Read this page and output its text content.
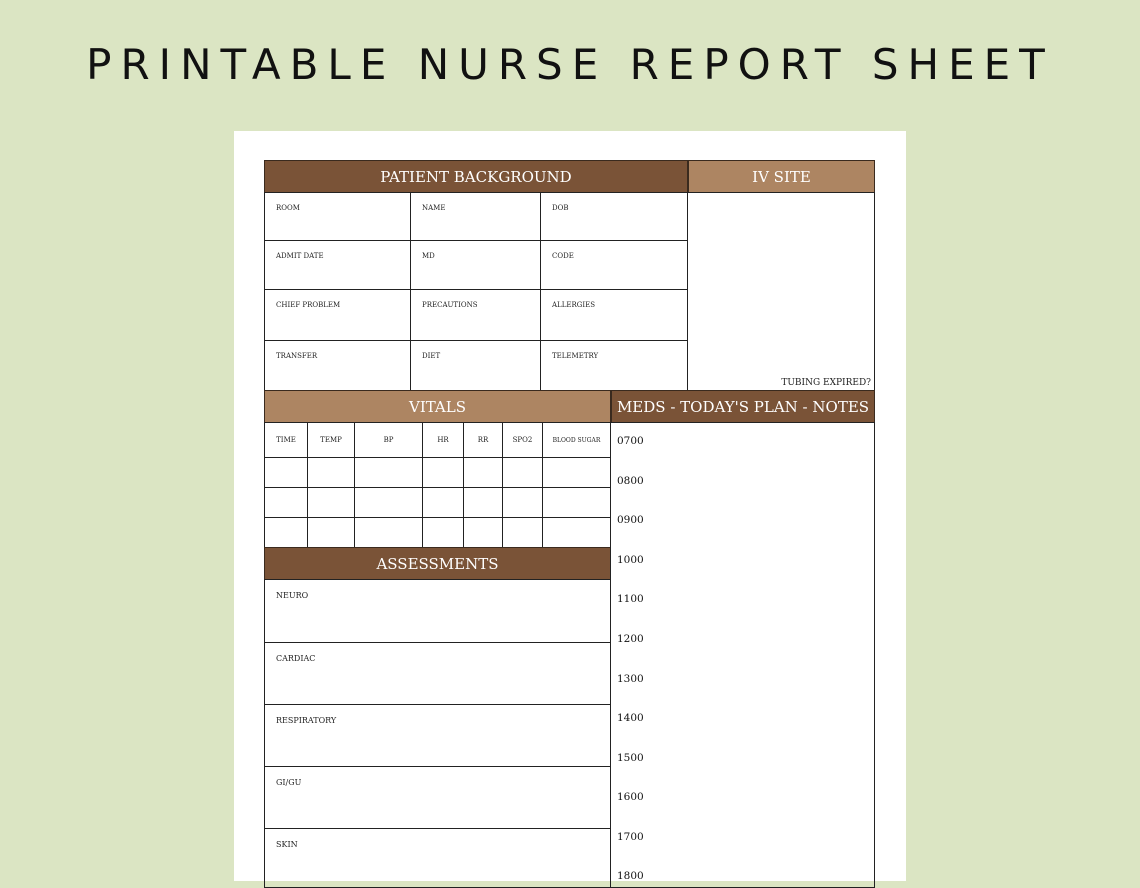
PRINTABLE NURSE REPORT SHEET
PATIENT BACKGROUND	IV SITE
ROOM	NAME	DOB
ADMIT DATE	MD	CODE
CHIEF PROBLEM	PRECAUTIONS	ALLERGIES
TRANSFER	DIET	TELEMETRY
TUBING EXPIRED?
VITALS	MEDS - TODAY'S PLAN - NOTES
TIME	TEMP	BP	HR	RR	SPO2	BLOOD SUGAR
ASSESSMENTS
NEURO
CARDIAC
RESPIRATORY
GI/GU
SKIN
0700
0800
0900
1000
1100
1200
1300
1400
1500
1600
1700
1800
